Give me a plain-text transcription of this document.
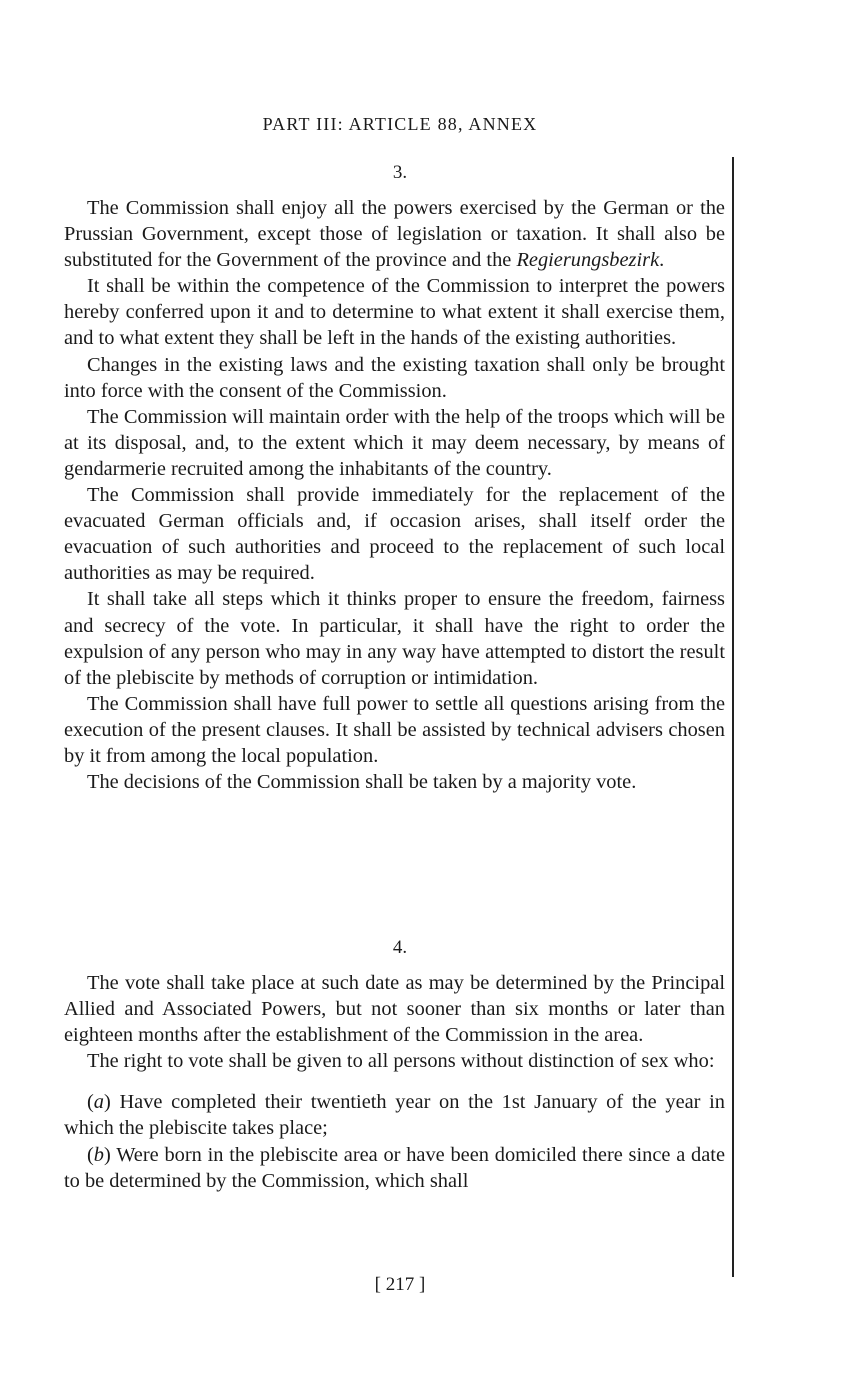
PART III: ARTICLE 88, ANNEX
3.

The Commission shall enjoy all the powers exercised by the German or the Prussian Government, except those of legislation or taxation. It shall also be substituted for the Government of the province and the Regierungsbezirk.

It shall be within the competence of the Commission to interpret the powers hereby conferred upon it and to determine to what extent it shall exercise them, and to what extent they shall be left in the hands of the existing authorities.

Changes in the existing laws and the existing taxation shall only be brought into force with the consent of the Commission.

The Commission will maintain order with the help of the troops which will be at its disposal, and, to the extent which it may deem necessary, by means of gendarmerie recruited among the inhabitants of the country.

The Commission shall provide immediately for the replacement of the evacuated German officials and, if occasion arises, shall itself order the evacuation of such authorities and proceed to the replacement of such local authorities as may be required.

It shall take all steps which it thinks proper to ensure the freedom, fairness and secrecy of the vote. In particular, it shall have the right to order the expulsion of any person who may in any way have attempted to distort the result of the plebiscite by methods of corruption or intimidation.

The Commission shall have full power to settle all questions arising from the execution of the present clauses. It shall be assisted by technical advisers chosen by it from among the local population.

The decisions of the Commission shall be taken by a majority vote.

4.

The vote shall take place at such date as may be determined by the Principal Allied and Associated Powers, but not sooner than six months or later than eighteen months after the establishment of the Commission in the area.

The right to vote shall be given to all persons without distinction of sex who:

(a) Have completed their twentieth year on the 1st January of the year in which the plebiscite takes place;

(b) Were born in the plebiscite area or have been domiciled there since a date to be determined by the Commission, which shall

[ 217 ]
